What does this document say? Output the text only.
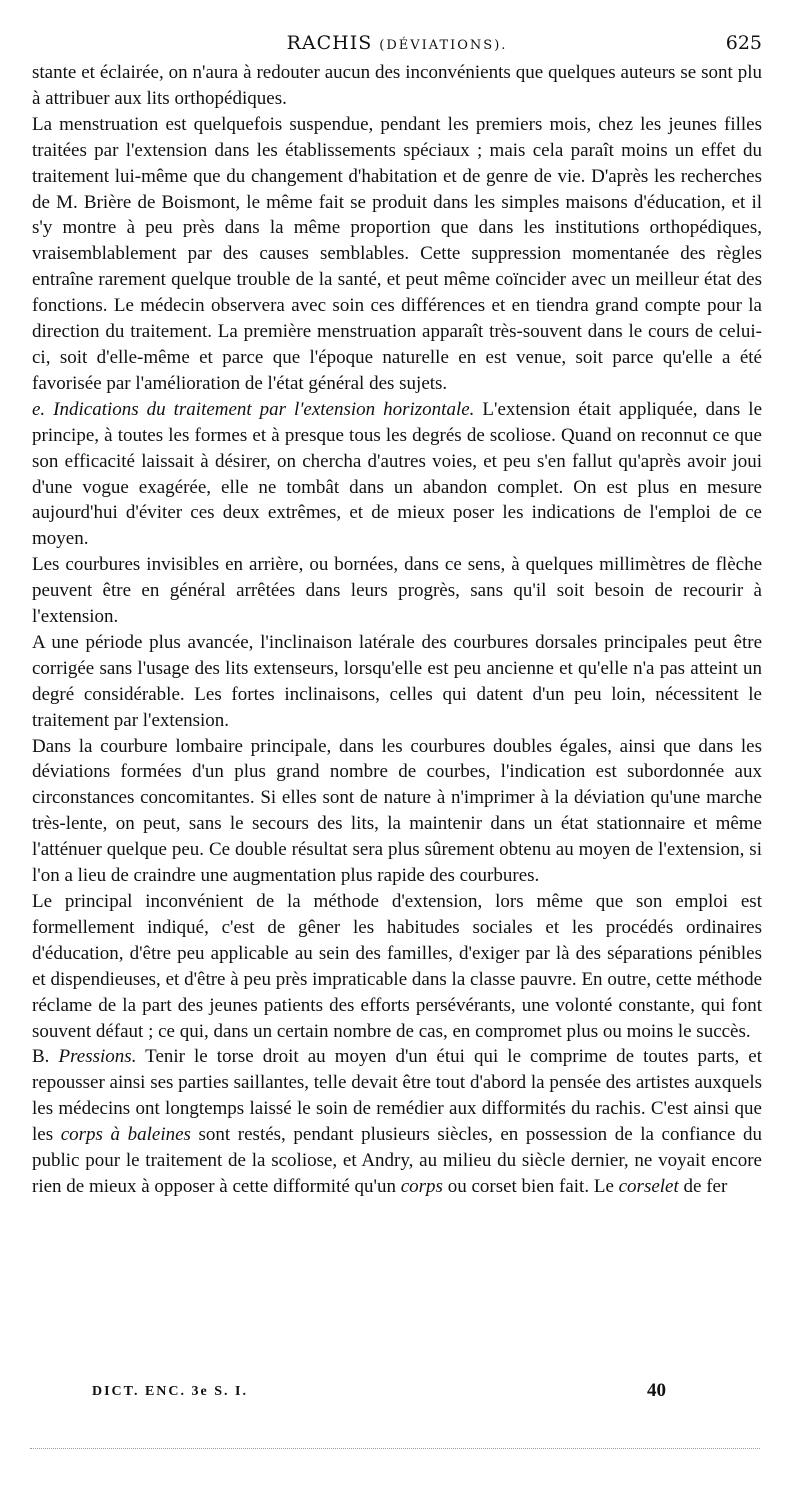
RACHIS (DÉVIATIONS).	625

stante et éclairée, on n'aura à redouter aucun des inconvénients que quelques auteurs se sont plu à attribuer aux lits orthopédiques.

La menstruation est quelquefois suspendue, pendant les premiers mois, chez les jeunes filles traitées par l'extension dans les établissements spéciaux ; mais cela paraît moins un effet du traitement lui-même que du changement d'habitation et de genre de vie. D'après les recherches de M. Brière de Boismont, le même fait se produit dans les simples maisons d'éducation, et il s'y montre à peu près dans la même proportion que dans les institutions orthopédiques, vraisemblablement par des causes semblables. Cette suppression momentanée des règles entraîne rarement quelque trouble de la santé, et peut même coïncider avec un meilleur état des fonctions. Le médecin observera avec soin ces différences et en tiendra grand compte pour la direction du traitement. La première menstruation apparaît très-souvent dans le cours de celui-ci, soit d'elle-même et parce que l'époque naturelle en est venue, soit parce qu'elle a été favorisée par l'amélioration de l'état général des sujets.

e. Indications du traitement par l'extension horizontale. L'extension était appliquée, dans le principe, à toutes les formes et à presque tous les degrés de scoliose. Quand on reconnut ce que son efficacité laissait à désirer, on chercha d'autres voies, et peu s'en fallut qu'après avoir joui d'une vogue exagérée, elle ne tombât dans un abandon complet. On est plus en mesure aujourd'hui d'éviter ces deux extrêmes, et de mieux poser les indications de l'emploi de ce moyen.

Les courbures invisibles en arrière, ou bornées, dans ce sens, à quelques millimètres de flèche peuvent être en général arrêtées dans leurs progrès, sans qu'il soit besoin de recourir à l'extension.

A une période plus avancée, l'inclinaison latérale des courbures dorsales principales peut être corrigée sans l'usage des lits extenseurs, lorsqu'elle est peu ancienne et qu'elle n'a pas atteint un degré considérable. Les fortes inclinaisons, celles qui datent d'un peu loin, nécessitent le traitement par l'extension.

Dans la courbure lombaire principale, dans les courbures doubles égales, ainsi que dans les déviations formées d'un plus grand nombre de courbes, l'indication est subordonnée aux circonstances concomitantes. Si elles sont de nature à n'imprimer à la déviation qu'une marche très-lente, on peut, sans le secours des lits, la maintenir dans un état stationnaire et même l'atténuer quelque peu. Ce double résultat sera plus sûrement obtenu au moyen de l'extension, si l'on a lieu de craindre une augmentation plus rapide des courbures.

Le principal inconvénient de la méthode d'extension, lors même que son emploi est formellement indiqué, c'est de gêner les habitudes sociales et les procédés ordinaires d'éducation, d'être peu applicable au sein des familles, d'exiger par là des séparations pénibles et dispendieuses, et d'être à peu près impraticable dans la classe pauvre. En outre, cette méthode réclame de la part des jeunes patients des efforts persévérants, une volonté constante, qui font souvent défaut ; ce qui, dans un certain nombre de cas, en compromet plus ou moins le succès.

B. Pressions. Tenir le torse droit au moyen d'un étui qui le comprime de toutes parts, et repousser ainsi ses parties saillantes, telle devait être tout d'abord la pensée des artistes auxquels les médecins ont longtemps laissé le soin de remédier aux difformités du rachis. C'est ainsi que les corps à baleines sont restés, pendant plusieurs siècles, en possession de la confiance du public pour le traitement de la scoliose, et Andry, au milieu du siècle dernier, ne voyait encore rien de mieux à opposer à cette difformité qu'un corps ou corset bien fait. Le corselet de fer

DICT. ENC. 3e S. I.	40
